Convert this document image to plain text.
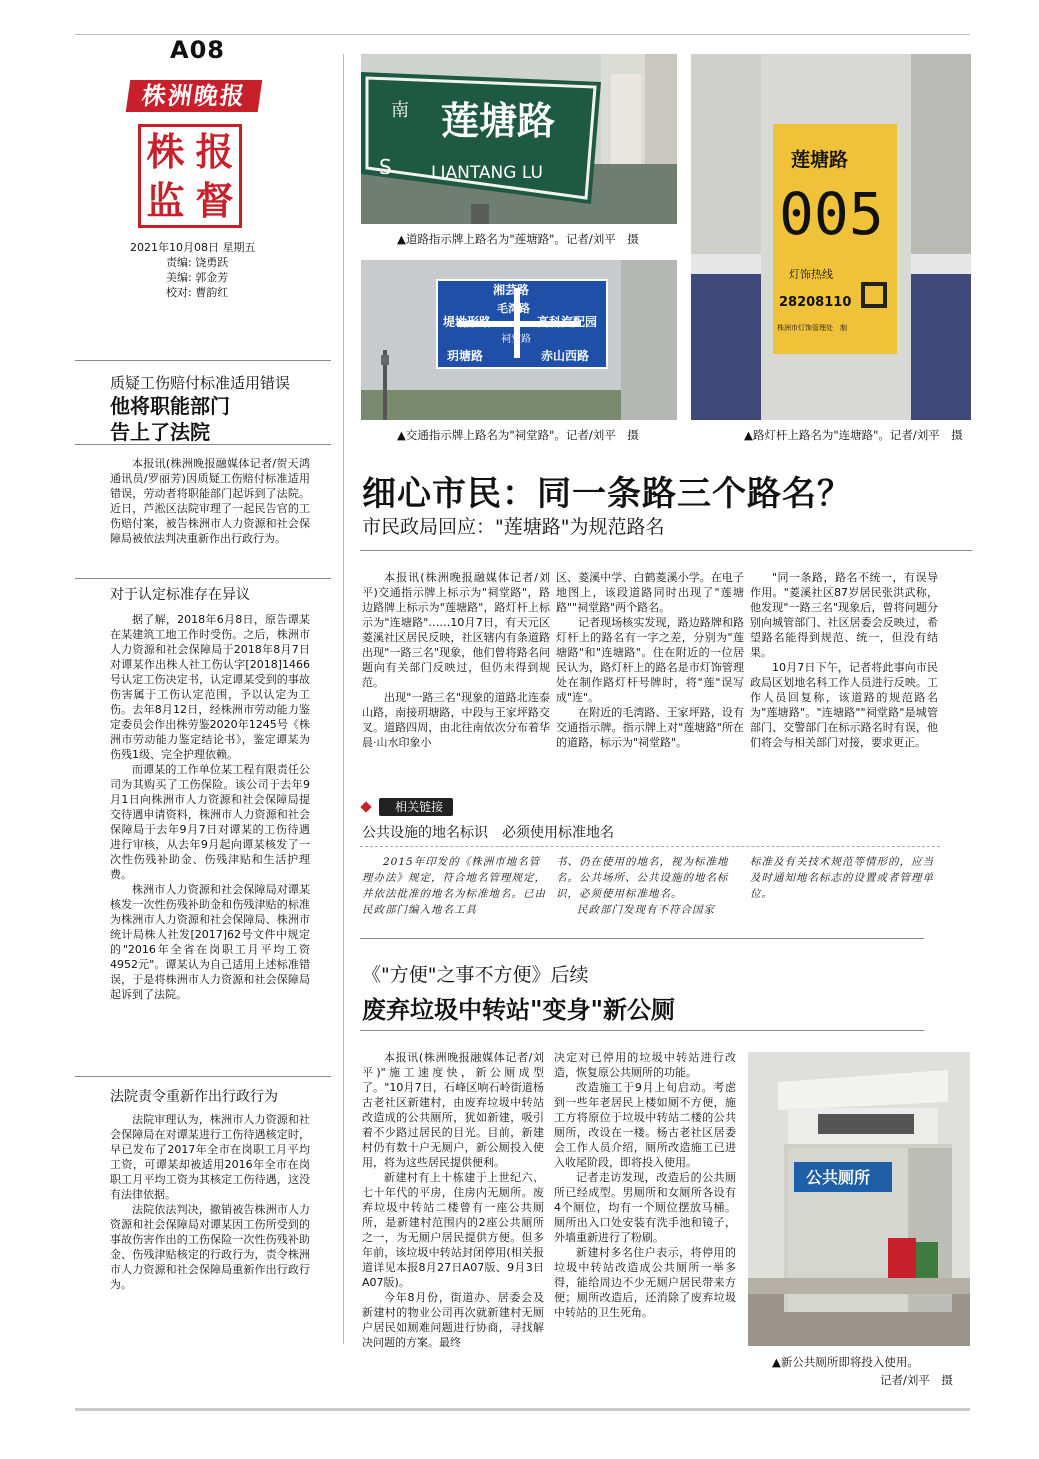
A08
株洲晚报
株 报
监 督
2021年10月08日 星期五
责编: 饶勇跃
美编: 郭金芳
校对: 曹韵红
南 莲塘路
S LIANTANG LU
▲道路指示牌上路名为"莲塘路"。记者/刘平　摄
湘芸路
毛湾路
堤坳形路	高科汽配园
祠堂路
玥塘路	赤山西路
▲交通指示牌上路名为"祠堂路"。记者/刘平　摄
莲塘路
005
灯饰热线
28208110
株洲市灯饰管理处　制
▲路灯杆上路名为"连塘路"。记者/刘平　摄
质疑工伤赔付标准适用错误
他将职能部门
告上了法院

本报讯(株洲晚报融媒体记者/贺天鸿　通讯员/罗丽芳)因质疑工伤赔付标准适用错误，劳动者将职能部门起诉到了法院。近日，芦淞区法院审理了一起民告官的工伤赔付案，被告株洲市人力资源和社会保障局被依法判决重新作出行政行为。

对于认定标准存在异议

据了解，2018年6月8日，原告谭某在某建筑工地工作时受伤。之后，株洲市人力资源和社会保障局于2018年8月7日对谭某作出株人社工伤认字[2018]1466号认定工伤决定书，认定谭某受到的事故伤害属于工伤认定范围，予以认定为工伤。去年8月12日，经株洲市劳动能力鉴定委员会作出株劳鉴2020年1245号《株洲市劳动能力鉴定结论书》，鉴定谭某为伤残1级、完全护理依赖。

而谭某的工作单位某工程有限责任公司为其购买了工伤保险。该公司于去年9月1日向株洲市人力资源和社会保障局提交待遇申请资料，株洲市人力资源和社会保障局于去年9月7日对谭某的工伤待遇进行审核，从去年9月起向谭某核发了一次性伤残补助金、伤残津贴和生活护理费。

株洲市人力资源和社会保障局对谭某核发一次性伤残补助金和伤残津贴的标准为株洲市人力资源和社会保障局、株洲市统计局株人社发[2017]62号文件中规定的"2016年全省在岗职工月平均工资4952元"。谭某认为自己适用上述标准错误，于是将株洲市人力资源和社会保障局起诉到了法院。

法院责令重新作出行政行为

法院审理认为，株洲市人力资源和社会保障局在对谭某进行工伤待遇核定时，早已发布了2017年全市在岗职工月平均工资，可谭某却被适用2016年全市在岗职工月平均工资为其核定工伤待遇，这没有法律依据。

法院依法判决，撤销被告株洲市人力资源和社会保障局对谭某因工伤所受到的事故伤害作出的工伤保险一次性伤残补助金、伤残津贴核定的行政行为，责令株洲市人力资源和社会保障局重新作出行政行为。

细心市民：同一条路三个路名？
市民政局回应："莲塘路"为规范路名

本报讯(株洲晚报融媒体记者/刘平)交通指示牌上标示为"祠堂路"，路边路牌上标示为"莲塘路"，路灯杆上标示为"连塘路"……10月7日，有天元区菱溪社区居民反映，社区辖内有条道路出现"一路三名"现象，他们曾将路名问题向有关部门反映过，但仍未得到规范。

出现"一路三名"现象的道路北连泰山路，南接玥塘路，中段与王家坪路交叉。道路四周，由北往南依次分布着华晨·山水印象小

区、菱溪中学、白鹤菱溪小学。在电子地图上，该段道路同时出现了"莲塘路""祠堂路"两个路名。

记者现场核实发现，路边路牌和路灯杆上的路名有一字之差，分别为"莲塘路"和"连塘路"。住在附近的一位居民认为，路灯杆上的路名是市灯饰管理处在制作路灯杆号牌时，将"莲"误写成"连"。

在附近的毛湾路、王家坪路，设有交通指示牌。指示牌上对"莲塘路"所在的道路，标示为"祠堂路"。

"同一条路，路名不统一，有误导作用。"菱溪社区87岁居民张洪武称，他发现"一路三名"现象后，曾将问题分别向城管部门、社区居委会反映过，希望路名能得到规范、统一，但没有结果。

10月7日下午，记者将此事向市民政局区划地名科工作人员进行反映。工作人员回复称，该道路的规范路名为"莲塘路"。"连塘路""祠堂路"是城管部门、交警部门在标示路名时有误，他们将会与相关部门对接，要求更正。

相关链接
公共设施的地名标识　必须使用标准地名
2015年印发的《株洲市地名管理办法》规定，符合地名管理规定，并依法批准的地名为标准地名。已由民政部门编入地名工具
书、仍在使用的地名，视为标准地名。公共场所、公共设施的地名标识，必须使用标准地名。
民政部门发现有不符合国家
标准及有关技术规范等情形的，应当及时通知地名标志的设置或者管理单位。
《"方便"之事不方便》后续
废弃垃圾中转站"变身"新公厕

本报讯(株洲晚报融媒体记者/刘平)"施工速度快，新公厕成型了。"10月7日，石峰区响石岭街道杨古老社区新建村，由废弃垃圾中转站改造成的公共厕所，犹如新建，吸引着不少路过居民的目光。目前，新建村仍有数十户无厕户，新公厕投入使用，将为这些居民提供便利。

新建村有上十栋建于上世纪六、七十年代的平房，住房内无厕所。废弃垃圾中转站二楼曾有一座公共厕所，是新建村范围内的2座公共厕所之一，为无厕户居民提供方便。但多年前，该垃圾中转站封闭停用(相关报道详见本报8月27日A07版、9月3日A07版)。

今年8月份，街道办、居委会及新建村的物业公司再次就新建村无厕户居民如厕难问题进行协商，寻找解决问题的方案。最终

决定对已停用的垃圾中转站进行改造，恢复原公共厕所的功能。

改造施工于9月上旬启动。考虑到一些年老居民上楼如厕不方便，施工方将原位于垃圾中转站二楼的公共厕所，改设在一楼。杨古老社区居委会工作人员介绍，厕所改造施工已进入收尾阶段，即将投入使用。

记者走访发现，改造后的公共厕所已经成型。男厕所和女厕所各设有4个厕位，均有一个厕位摆放马桶。厕所出入口处安装有洗手池和镜子，外墙重新进行了粉刷。

新建村多名住户表示，将停用的垃圾中转站改造成公共厕所一举多得，能给周边不少无厕户居民带来方便；厕所改造后，还消除了废弃垃圾中转站的卫生死角。

公共厕所
▲新公共厕所即将投入使用。
记者/刘平　摄
